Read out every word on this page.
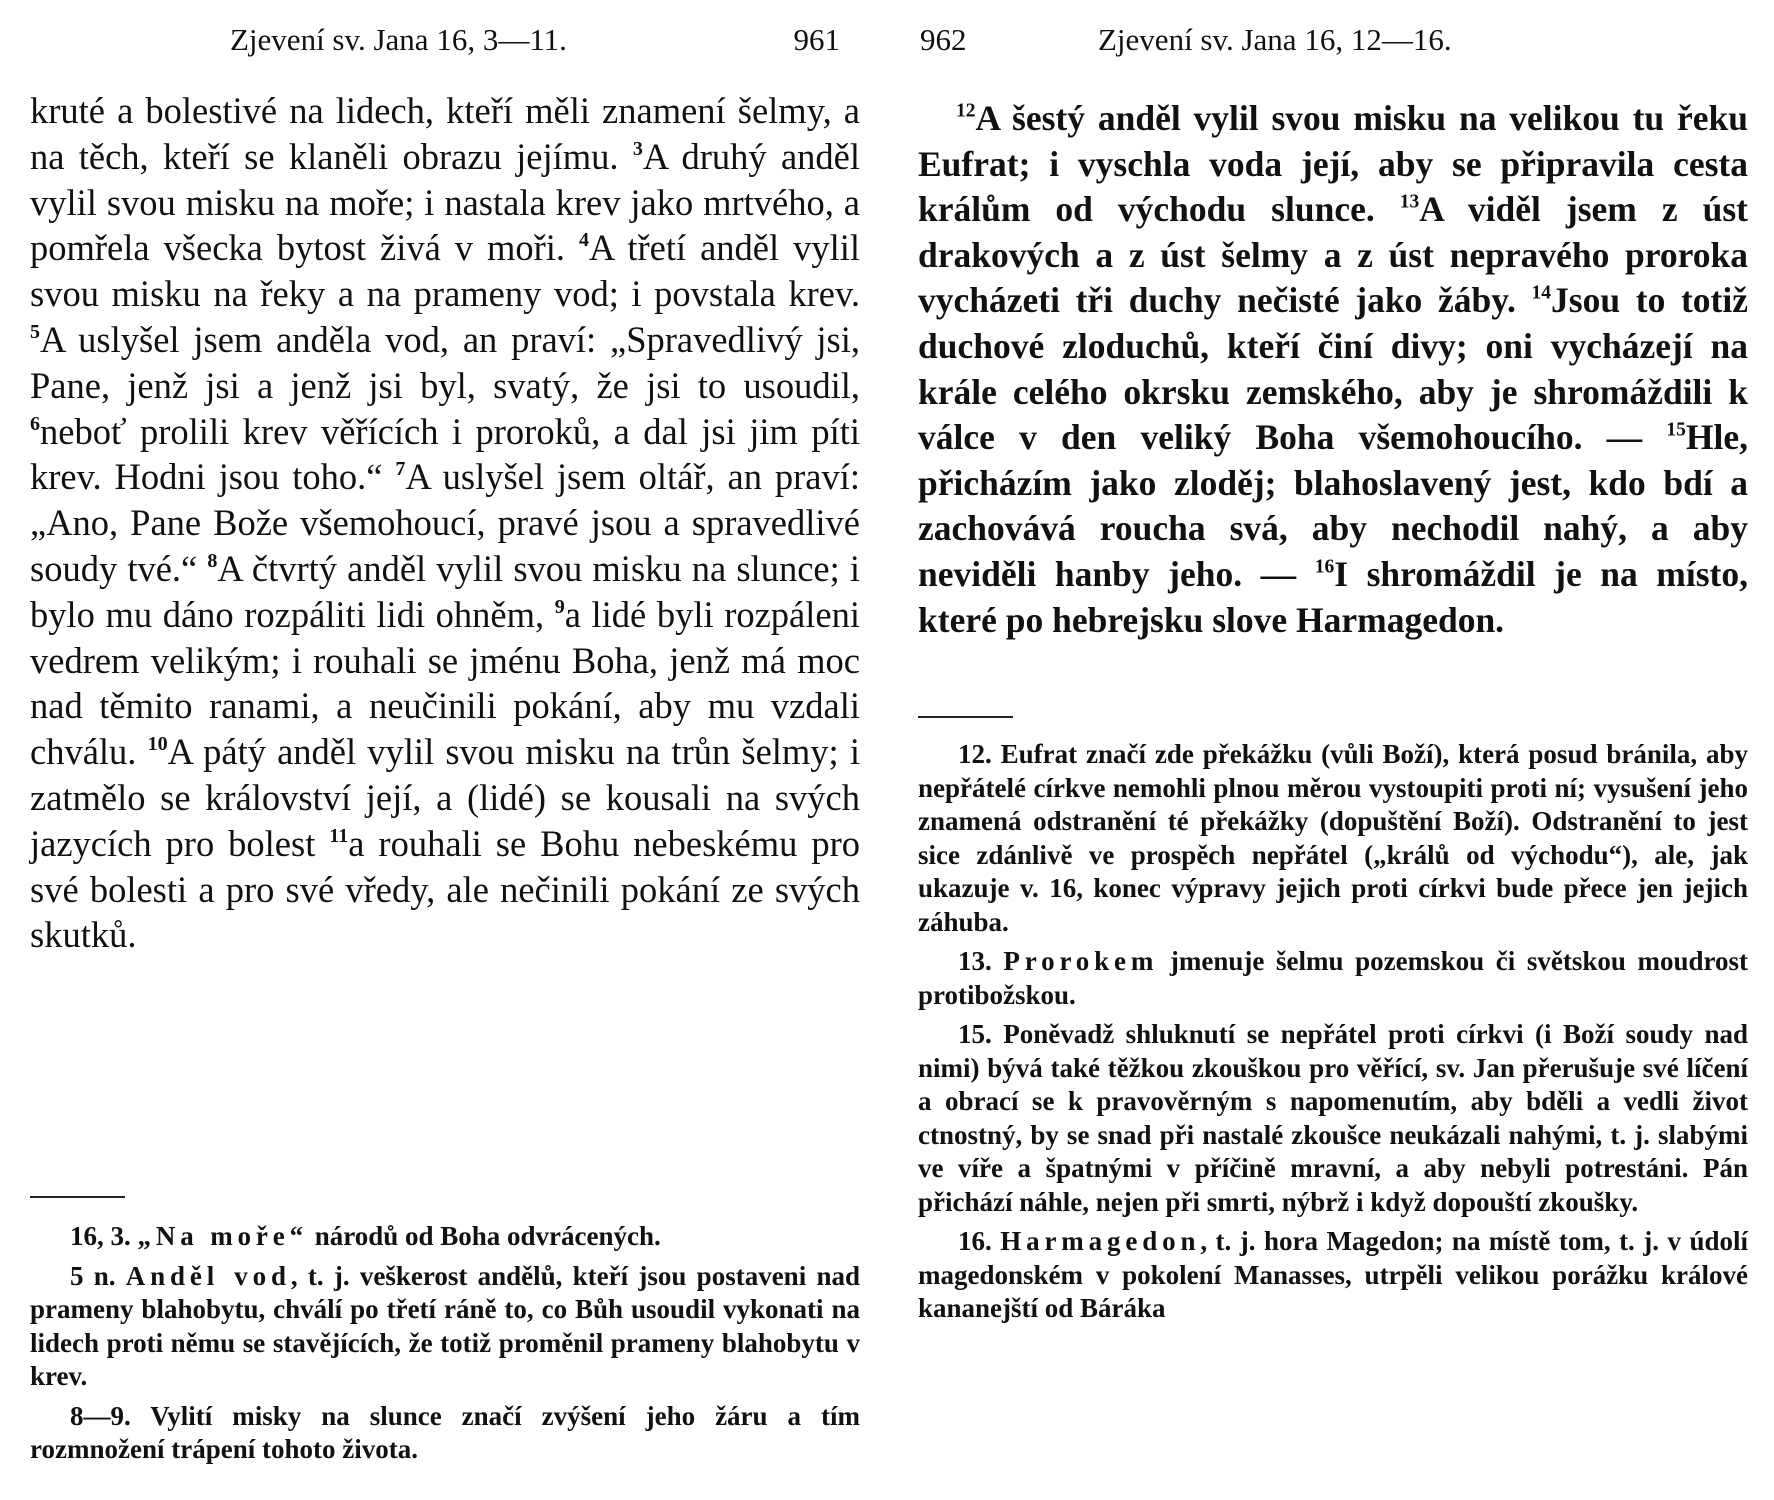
Zjevení sv. Jana 16, 3—11.	961

kruté a bolestivé na lidech, kteří měli znamení šelmy, a na těch, kteří se klaněli obrazu jejímu. $^3$A druhý anděl vylil svou misku na moře; i nastala krev jako mrtvého, a pomřela všecka bytost živá v moři. $^4$A třetí anděl vylil svou misku na řeky a na prameny vod; i povstala krev. $^5$A uslyšel jsem anděla vod, an praví: „Spravedlivý jsi, Pane, jenž jsi a jenž jsi byl, svatý, že jsi to usoudil, $^6$neboť prolili krev věřících i proroků, a dal jsi jim píti krev. Hodni jsou toho.“ $^7$A uslyšel jsem oltář, an praví: „Ano, Pane Bože všemohoucí, pravé jsou a spravedlivé soudy tvé.“ $^8$A čtvrtý anděl vylil svou misku na slunce; i bylo mu dáno rozpáliti lidi ohněm, $^9$a lidé byli rozpáleni vedrem velikým; i rouhali se jménu Boha, jenž má moc nad těmito ranami, a neučinili pokání, aby mu vzdali chválu. $^{10}$A pátý anděl vylil svou misku na trůn šelmy; i zatmělo se království její, a (lidé) se kousali na svých jazycích pro bolest $^{11}$a rouhali se Bohu nebeskému pro své bolesti a pro své vředy, ale nečinili pokání ze svých skutků.

16, 3. „Na moře“ národů od Boha odvrácených.

5 n. Anděl vod, t. j. veškerost andělů, kteří jsou postaveni nad prameny blahobytu, chválí po třetí ráně to, co Bůh usoudil vykonati na lidech proti němu se stavějících, že totiž proměnil prameny blahobytu v krev.

8—9. Vylití misky na slunce značí zvýšení jeho žáru a tím rozmnožení trápení tohoto života.

962	Zjevení sv. Jana 16, 12—16.

$^{12}$A šestý anděl vylil svou misku na velikou tu řeku Eufrat; i vyschla voda její, aby se připravila cesta králům od východu slunce. $^{13}$A viděl jsem z úst drakových a z úst šelmy a z úst nepravého proroka vycházeti tři duchy nečisté jako žáby. $^{14}$Jsou to totiž duchové zloduchů, kteří činí divy; oni vycházejí na krále celého okrsku zemského, aby je shromáždili k válce v den veliký Boha všemohoucího. — $^{15}$Hle, přicházím jako zloděj; blahoslavený jest, kdo bdí a zachovává roucha svá, aby nechodil nahý, a aby neviděli hanby jeho. — $^{16}$I shromáždil je na místo, které po hebrejsku slove Harmagedon.

12. Eufrat značí zde překážku (vůli Boží), která posud bránila, aby nepřátelé církve nemohli plnou měrou vystoupiti proti ní; vysušení jeho znamená odstranění té překážky (dopuštění Boží). Odstranění to jest sice zdánlivě ve prospěch nepřátel („králů od východu“), ale, jak ukazuje v. 16, konec výpravy jejich proti církvi bude přece jen jejich záhuba.

13. Prorokem jmenuje šelmu pozemskou či světskou moudrost protibožskou.

15. Poněvadž shluknutí se nepřátel proti církvi (i Boží soudy nad nimi) bývá také těžkou zkouškou pro věřící, sv. Jan přerušuje své líčení a obrací se k pravověrným s napomenutím, aby bděli a vedli život ctnostný, by se snad při nastalé zkoušce neukázali nahými, t. j. slabými ve víře a špatnými v příčině mravní, a aby nebyli potrestáni. Pán přichází náhle, nejen při smrti, nýbrž i když dopouští zkoušky.

16. Harmagedon, t. j. hora Magedon; na místě tom, t. j. v údolí magedonském v pokolení Manasses, utrpěli velikou porážku králové kananejští od Báráka
